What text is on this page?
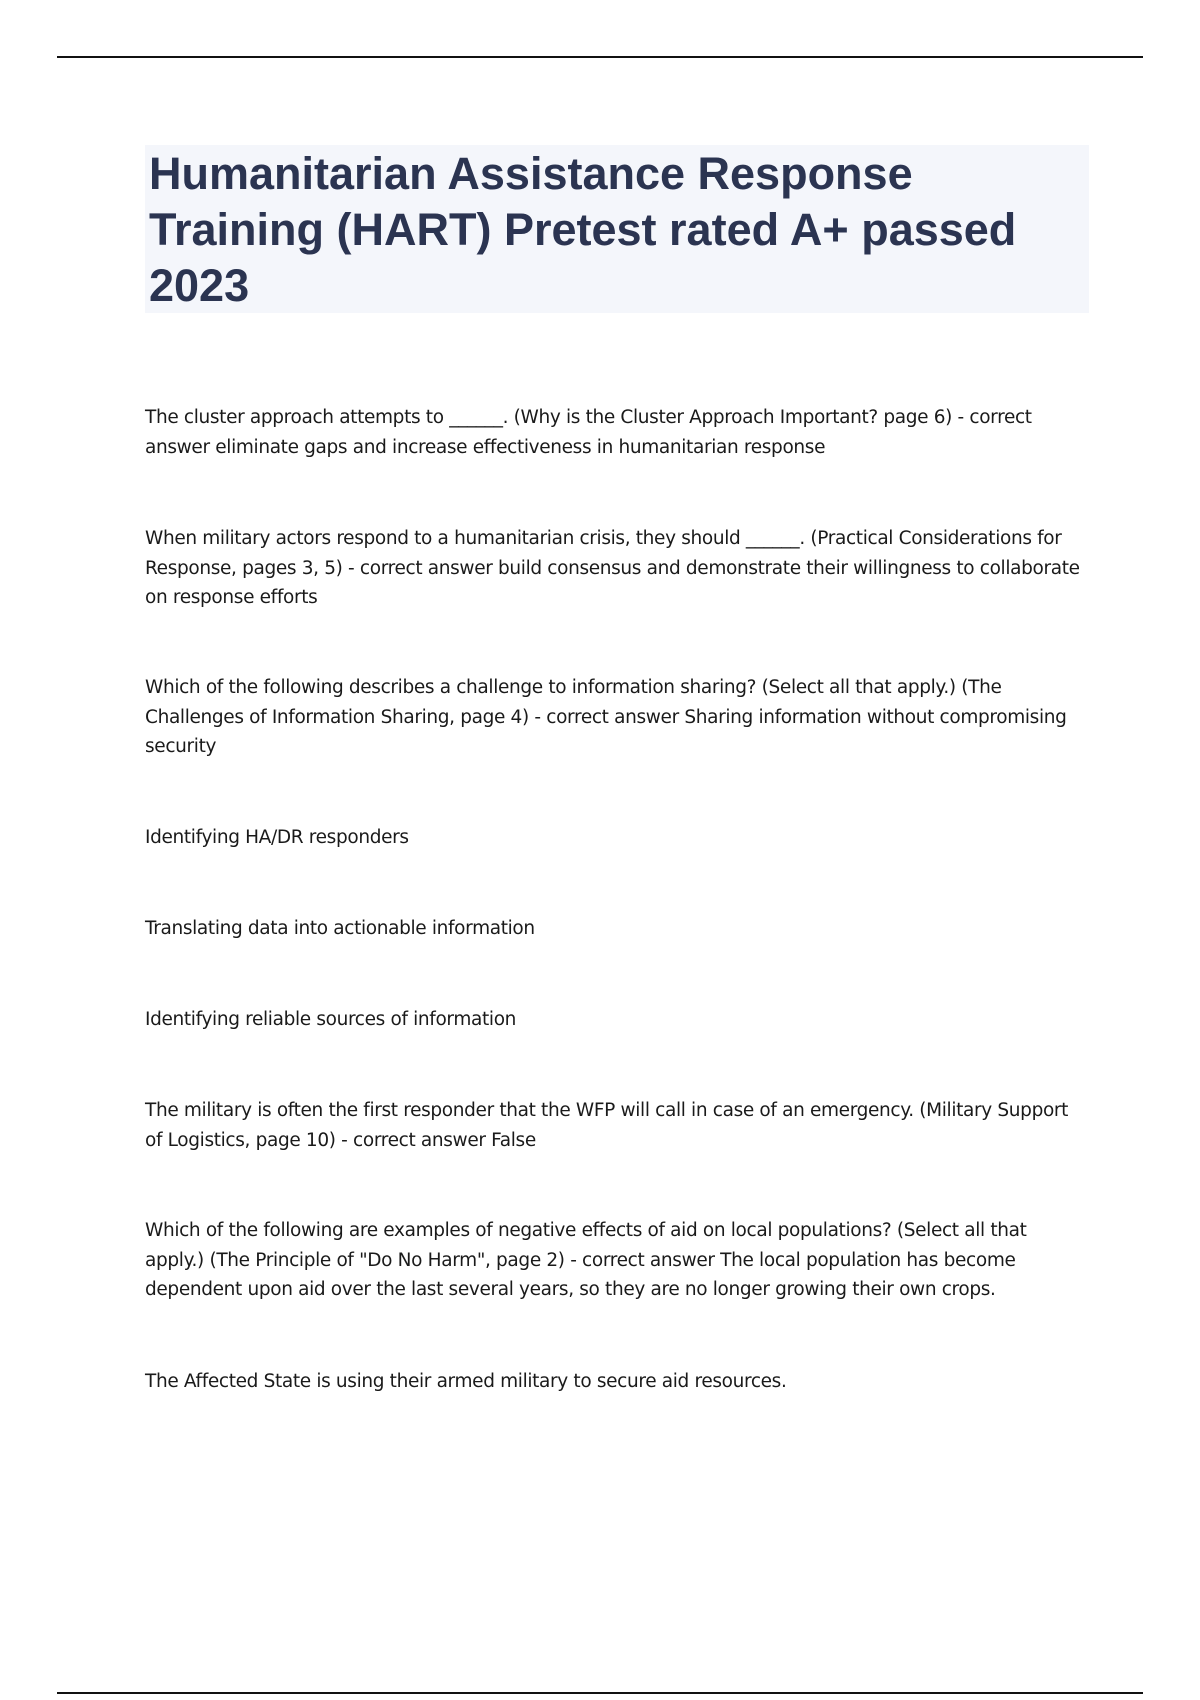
Humanitarian Assistance Response Training (HART) Pretest rated A+ passed 2023

The cluster approach attempts to ______. (Why is the Cluster Approach Important? page 6) - correct answer eliminate gaps and increase effectiveness in humanitarian response

When military actors respond to a humanitarian crisis, they should ______. (Practical Considerations for Response, pages 3, 5) - correct answer build consensus and demonstrate their willingness to collaborate on response efforts

Which of the following describes a challenge to information sharing? (Select all that apply.) (The Challenges of Information Sharing, page 4) - correct answer Sharing information without compromising security

Identifying HA/DR responders

Translating data into actionable information

Identifying reliable sources of information

The military is often the first responder that the WFP will call in case of an emergency. (Military Support of Logistics, page 10) - correct answer False

Which of the following are examples of negative effects of aid on local populations? (Select all that apply.) (The Principle of "Do No Harm", page 2) - correct answer The local population has become dependent upon aid over the last several years, so they are no longer growing their own crops.

The Affected State is using their armed military to secure aid resources.
